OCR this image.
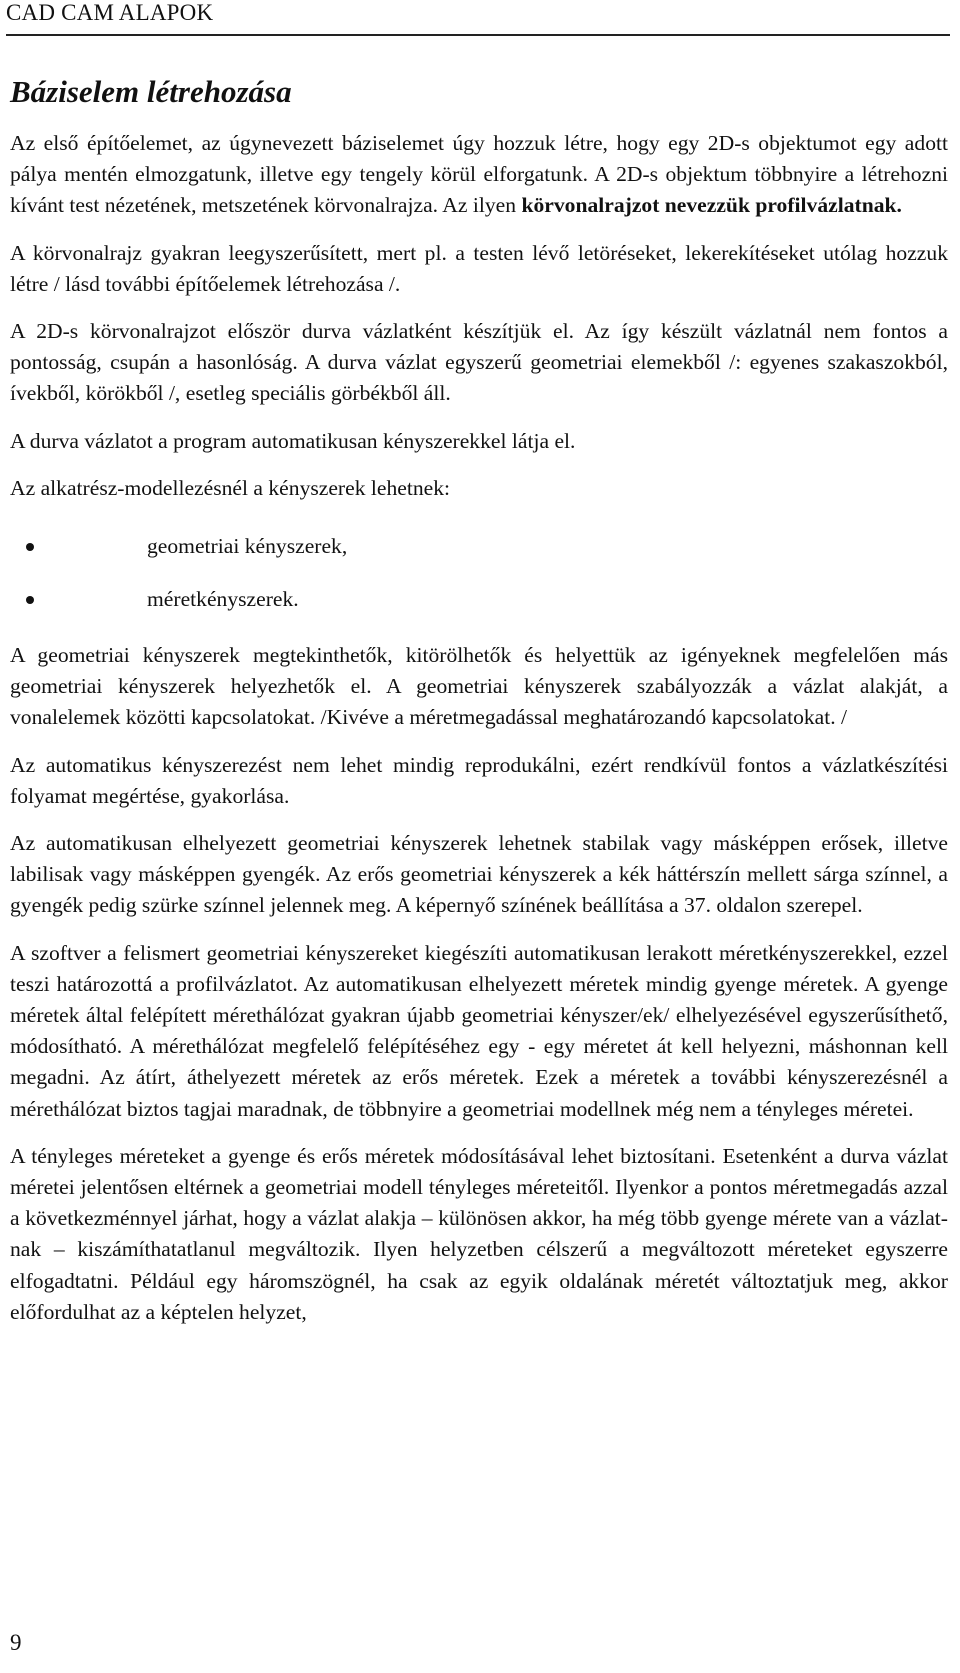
CAD CAM ALAPOK
Báziselem létrehozása

Az első építőelemet, az úgynevezett báziselemet úgy hozzuk létre, hogy egy 2D-s objektumot egy adott pálya mentén elmozgatunk, illetve egy tengely körül elforgatunk. A 2D-s objektum többnyire a létrehozni kívánt test nézetének, metszetének körvonalrajza. Az ilyen körvonalrajzot nevezzük profilvázlatnak.

A körvonalrajz gyakran leegyszerűsített, mert pl. a testen lévő letöréseket, lekerekítéseket utólag hozzuk létre / lásd további építőelemek létrehozása /.

A 2D-s körvonalrajzot először durva vázlatként készítjük el. Az így készült vázlatnál nem fontos a pontosság, csupán a hasonlóság. A durva vázlat egyszerű geometriai elemekből /: egyenes szakaszokból, ívekből, körökből /, esetleg speciális görbékből áll.

A durva vázlatot a program automatikusan kényszerekkel látja el.

Az alkatrész-modellezésnél a kényszerek lehetnek:

geometriai kényszerek,
méretkényszerek.

A geometriai kényszerek megtekinthetők, kitörölhetők és helyettük az igényeknek megfelelően más geometriai kényszerek helyezhetők el. A geometriai kényszerek szabályozzák a vázlat alakját, a vonalelemek közötti kapcsolatokat. /Kivéve a méretmegadással meghatározandó kapcsolatokat. /

Az automatikus kényszerezést nem lehet mindig reprodukálni, ezért rendkívül fontos a vázlatkészítési folyamat megértése, gyakorlása.

Az automatikusan elhelyezett geometriai kényszerek lehetnek stabilak vagy másképpen erősek, illetve labilisak vagy másképpen gyengék. Az erős geometriai kényszerek a kék háttérszín mellett sárga színnel, a gyengék pedig szürke színnel jelennek meg. A képernyő színének beállítása a 37. oldalon szerepel.

A szoftver a felismert geometriai kényszereket kiegészíti automatikusan lerakott méretkényszerekkel, ezzel teszi határozottá a profilvázlatot. Az automatikusan elhelyezett méretek mindig gyenge méretek. A gyenge méretek által felépített mérethálózat gyakran újabb geometriai kényszer/ek/ elhelyezésével egyszerűsíthető, módosítható. A mérethálózat megfelelő felépítéséhez egy - egy méretet át kell helyezni, máshonnan kell megadni. Az átírt, áthelyezett méretek az erős méretek. Ezek a méretek a további kényszerezésnél a mérethálózat biztos tagjai maradnak, de többnyire a geometriai modellnek még nem a tényleges méretei.

A tényleges méreteket a gyenge és erős méretek módosításával lehet biztosítani. Esetenként a durva vázlat méretei jelentősen eltérnek a geometriai modell tényleges méreteitől. Ilyenkor a pontos méretmegadás azzal a következménnyel járhat, hogy a vázlat alakja – különösen akkor, ha még több gyenge mérete van a vázlatnak – kiszámíthatatlanul megváltozik. Ilyen helyzetben célszerű a megváltozott méreteket egyszerre elfogadtatni. Például egy háromszögnél, ha csak az egyik oldalának méretét változtatjuk meg, akkor előfordulhat az a képtelen helyzet,

9
